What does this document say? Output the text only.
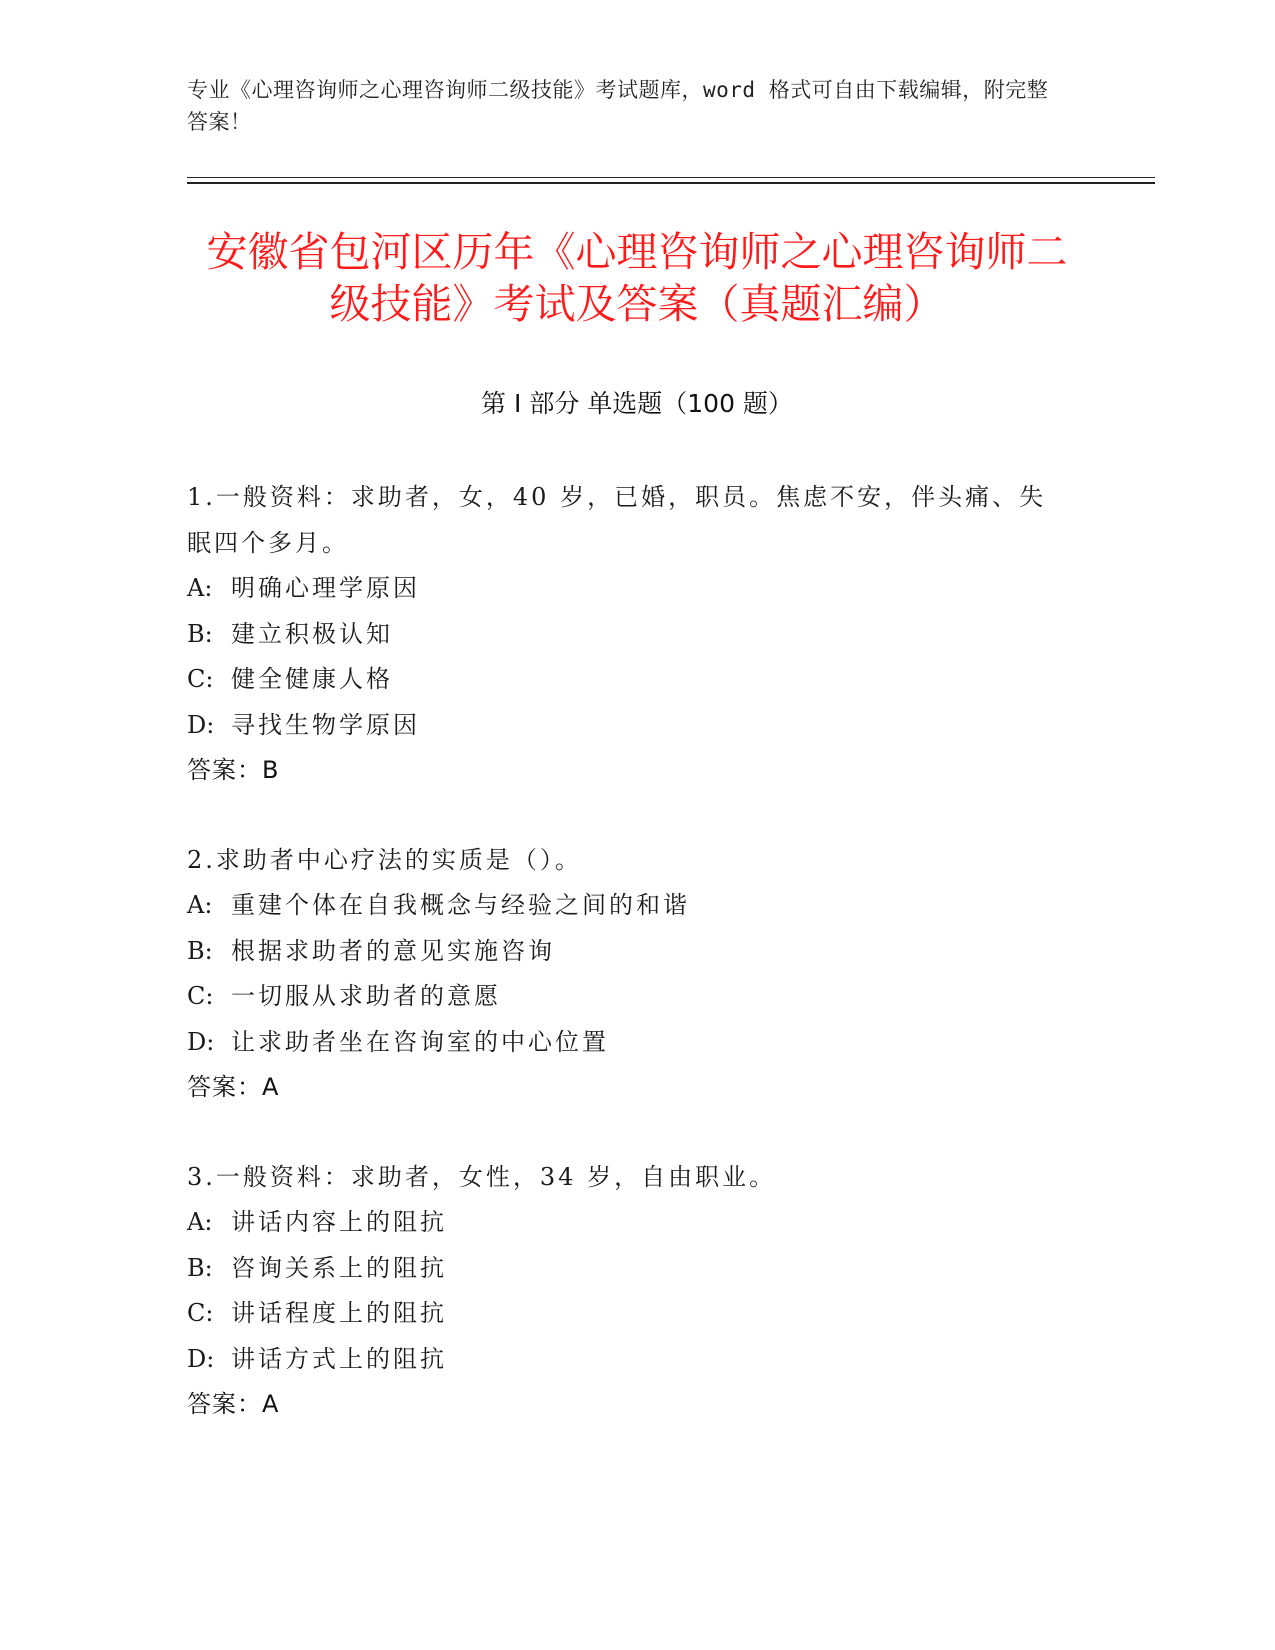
专业《心理咨询师之心理咨询师二级技能》考试题库，word 格式可自由下载编辑，附完整答案！
安徽省包河区历年《心理咨询师之心理咨询师二级技能》考试及答案（真题汇编）
第 I 部分 单选题（100 题）

1.一般资料：求助者，女，40 岁，已婚，职员。焦虑不安，伴头痛、失眠四个多月。

A: 明确心理学原因

B: 建立积极认知

C: 健全健康人格

D: 寻找生物学原因

答案：B

2.求助者中心疗法的实质是（）。

A: 重建个体在自我概念与经验之间的和谐

B: 根据求助者的意见实施咨询

C: 一切服从求助者的意愿

D: 让求助者坐在咨询室的中心位置

答案：A

3.一般资料：求助者，女性，34 岁，自由职业。

A: 讲话内容上的阻抗

B: 咨询关系上的阻抗

C: 讲话程度上的阻抗

D: 讲话方式上的阻抗

答案：A
